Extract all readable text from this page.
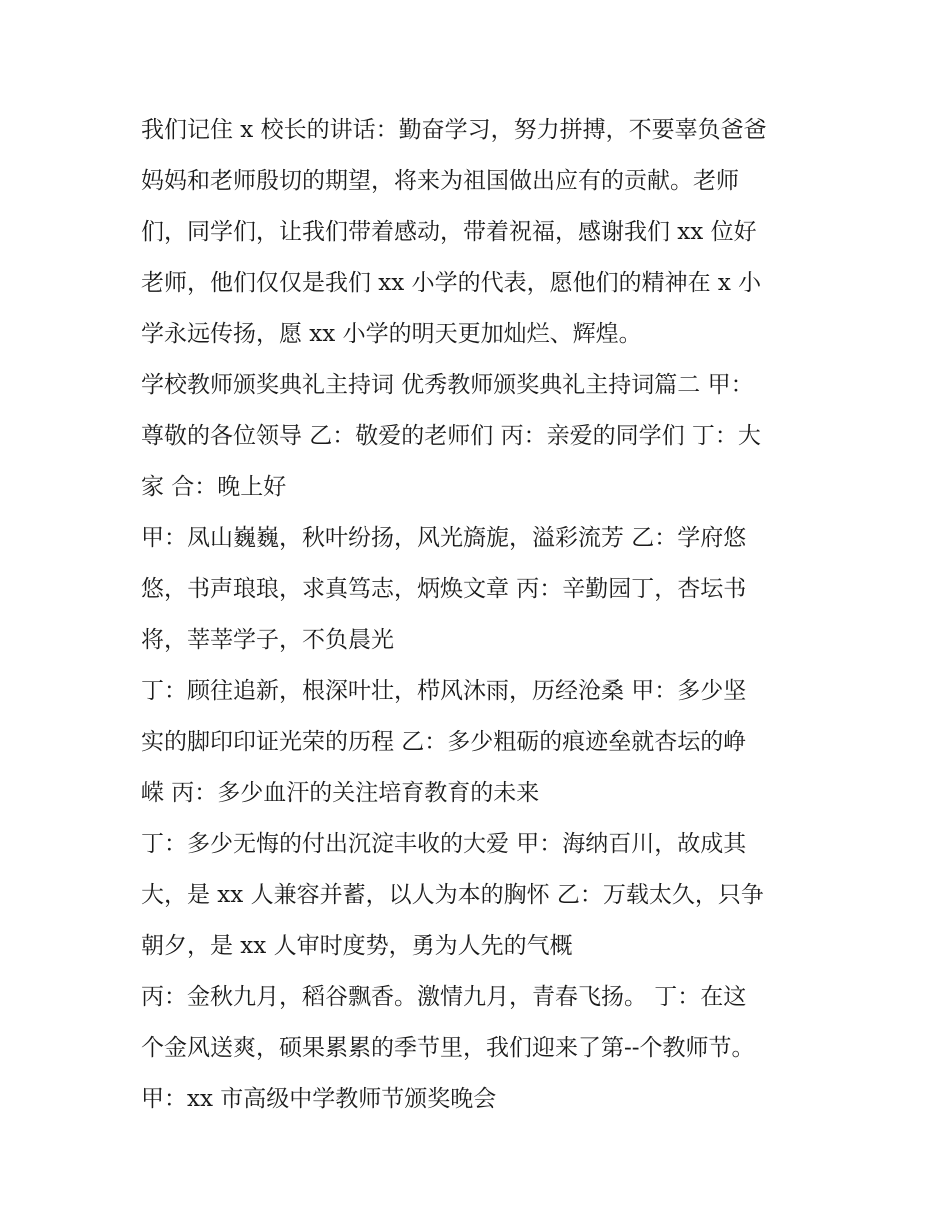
我们记住 x 校长的讲话：勤奋学习，努力拼搏，不要辜负爸爸
妈妈和老师殷切的期望，将来为祖国做出应有的贡献。老师
们，同学们，让我们带着感动，带着祝福，感谢我们 xx 位好
老师，他们仅仅是我们 xx 小学的代表，愿他们的精神在 x 小
学永远传扬，愿 xx 小学的明天更加灿烂、辉煌。
学校教师颁奖典礼主持词 优秀教师颁奖典礼主持词篇二 甲：
尊敬的各位领导 乙：敬爱的老师们 丙：亲爱的同学们 丁：大
家 合：晚上好
甲：凤山巍巍，秋叶纷扬，风光旖旎，溢彩流芳 乙：学府悠
悠，书声琅琅，求真笃志，炳焕文章 丙：辛勤园丁，杏坛书
将，莘莘学子，不负晨光
丁：顾往追新，根深叶壮，栉风沐雨，历经沧桑 甲：多少坚
实的脚印印证光荣的历程 乙：多少粗砺的痕迹垒就杏坛的峥
嵘 丙：多少血汗的关注培育教育的未来
丁：多少无悔的付出沉淀丰收的大爱 甲：海纳百川，故成其
大，是 xx 人兼容并蓄，以人为本的胸怀 乙：万载太久，只争
朝夕，是 xx 人审时度势，勇为人先的气概
丙：金秋九月，稻谷飘香。激情九月，青春飞扬。 丁：在这
个金风送爽，硕果累累的季节里，我们迎来了第--个教师节。
甲：xx 市高级中学教师节颁奖晚会
